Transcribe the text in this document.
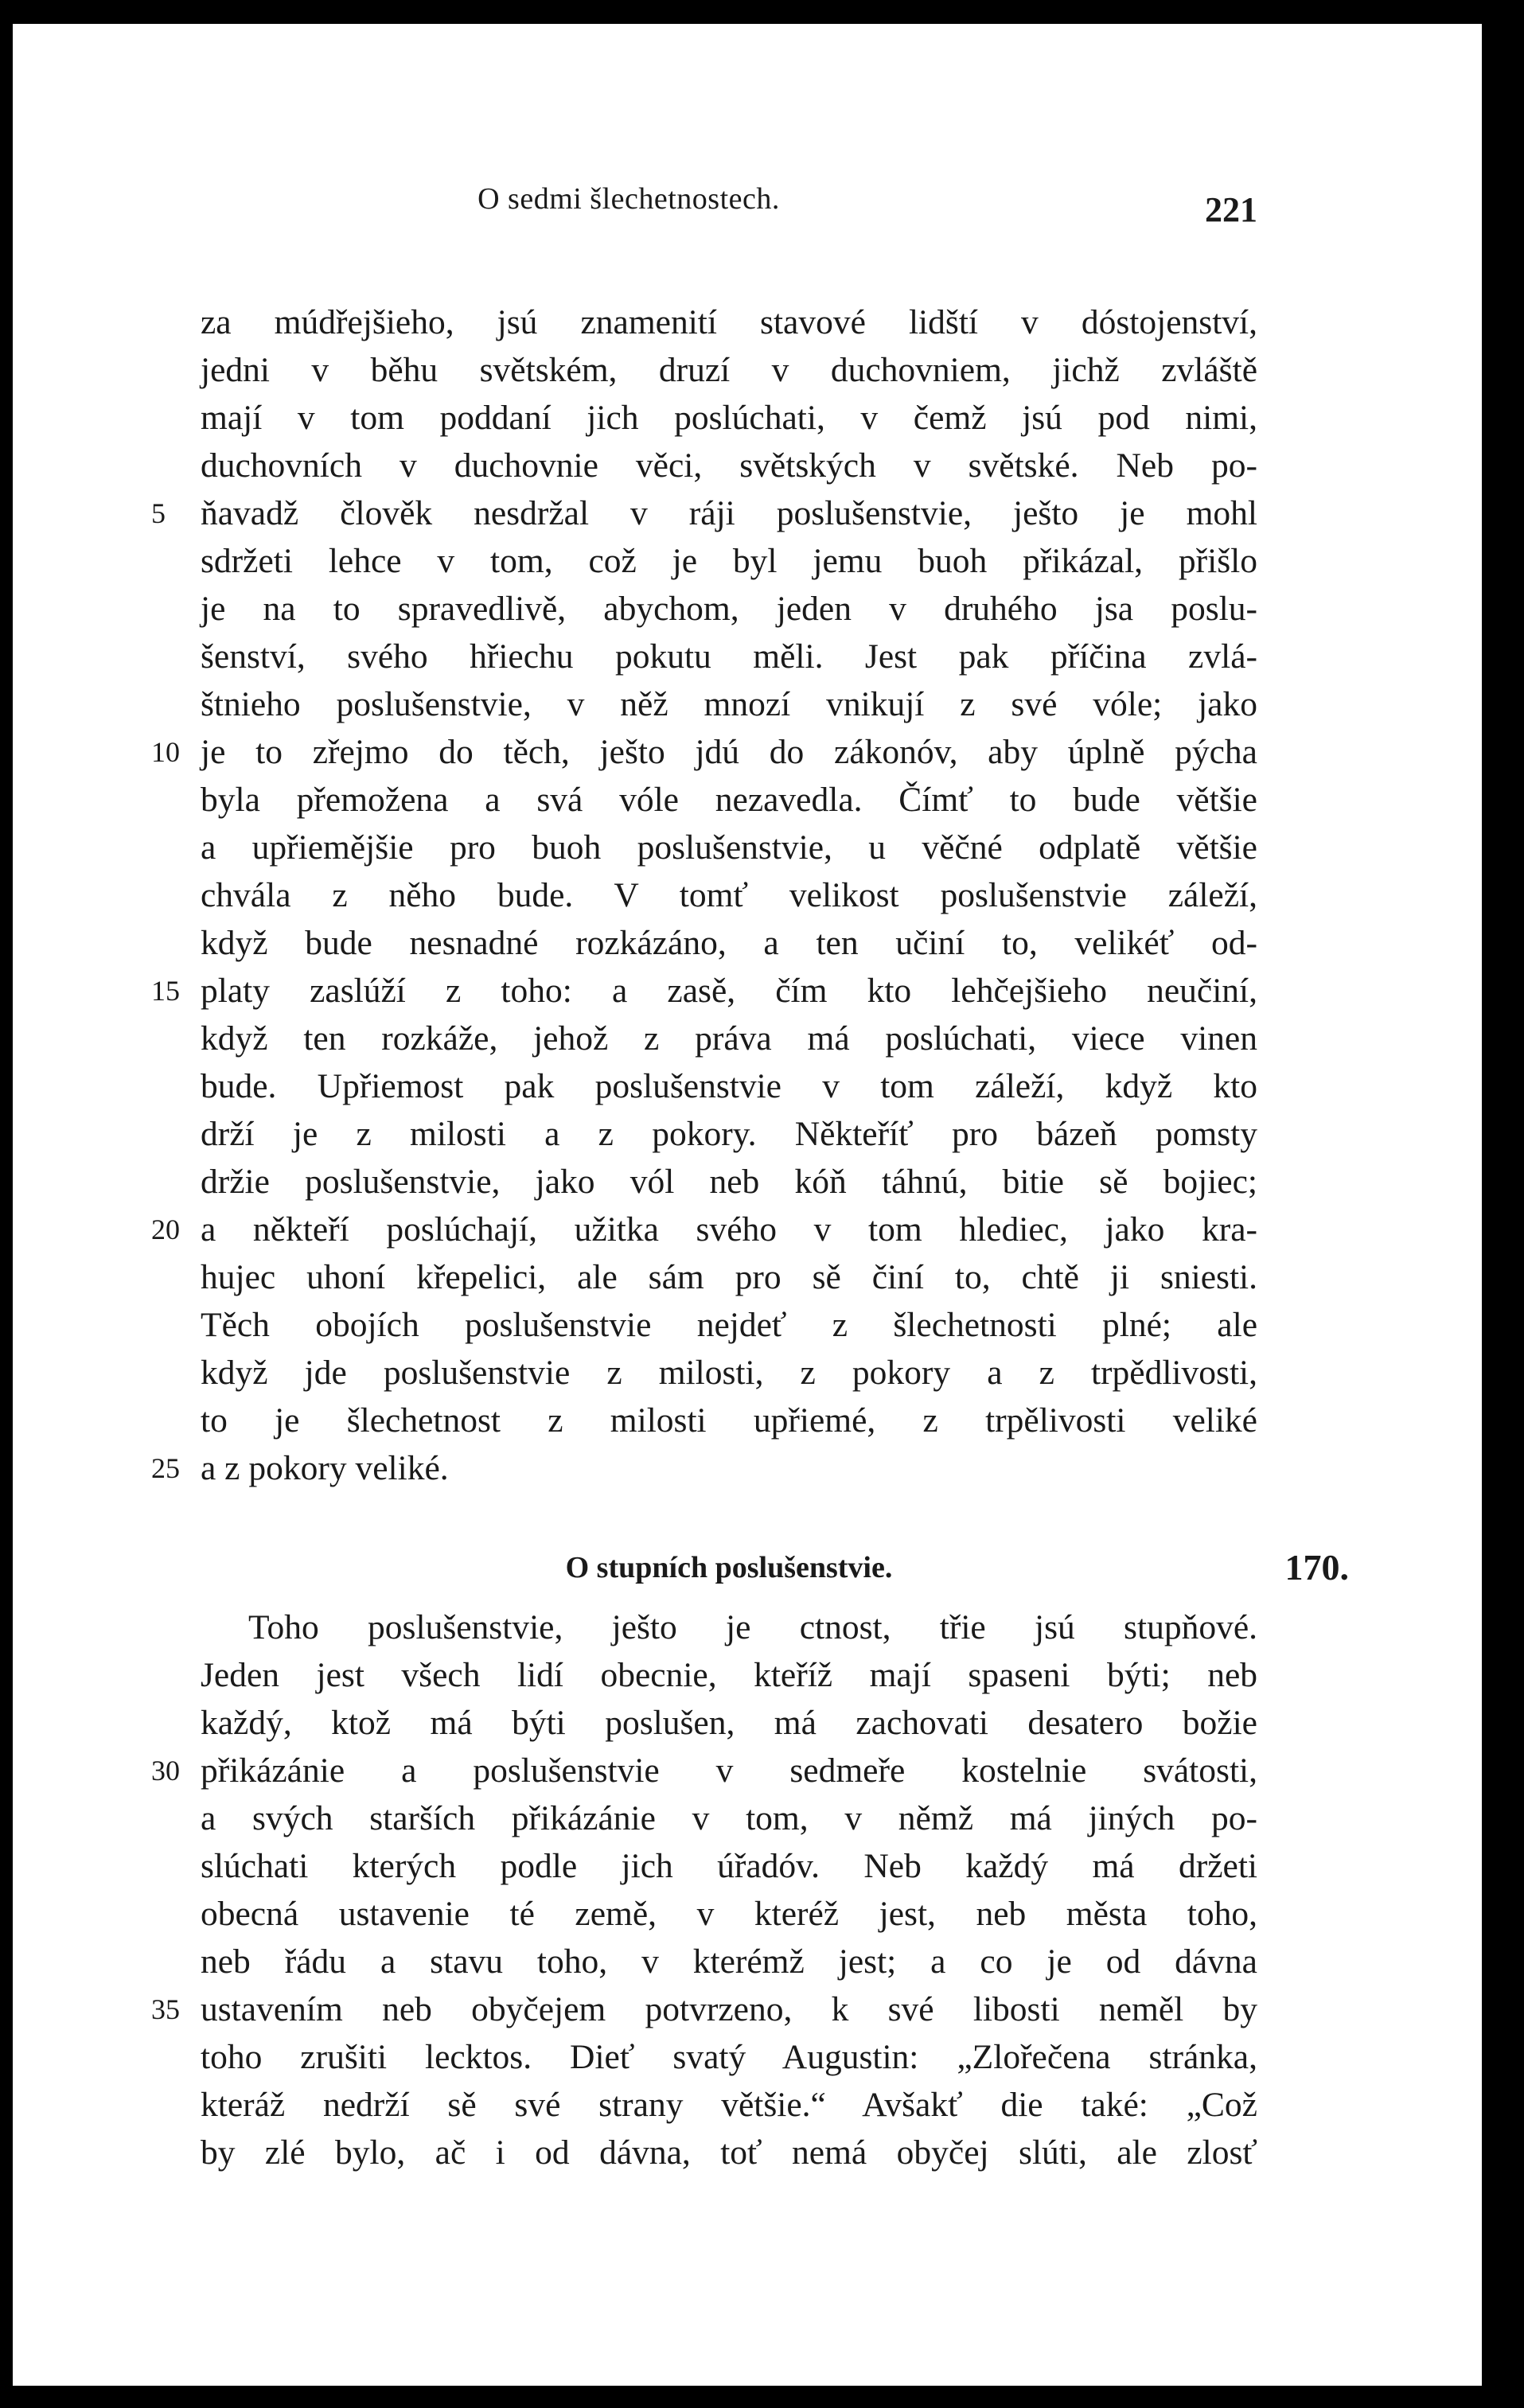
O sedmi šlechetnostech.	221
za múdřejšieho, jsú znamenití stavové lidští v dóstojenství,
jedni v běhu světském, druzí v duchovniem, jichž zvláště
mají v tom poddaní jich poslúchati, v čemž jsú pod nimi,
duchovních v duchovnie věci, světských v světské. Neb po-
5	ňavadž člověk nesdržal v ráji poslušenstvie, ješto je mohl
sdržeti lehce v tom, což je byl jemu buoh přikázal, přišlo
je na to spravedlivě, abychom, jeden v druhého jsa poslu-
šenství, svého hřiechu pokutu měli. Jest pak příčina zvlá-
štnieho poslušenstvie, v něž mnozí vnikují z své vóle; jako
10 je to zřejmo do těch, ješto jdú do zákonóv, aby úplně pýcha
byla přemožena a svá vóle nezavedla. Čímť to bude většie
a upřiemějšie pro buoh poslušenstvie, u věčné odplatě většie
chvála z něho bude. V tomť velikost poslušenstvie záleží,
když bude nesnadné rozkázáno, a ten učiní to, velikéť od-
15 platy zaslúží z toho: a zasě, čím kto lehčejšieho neučiní,
když ten rozkáže, jehož z práva má poslúchati, viece vinen
bude. Upřiemost pak poslušenstvie v tom záleží, když kto
drží je z milosti a z pokory. Někteříť pro bázeň pomsty
držie poslušenstvie, jako vól neb kóň táhnú, bitie sě bojiec;
20 a někteří poslúchají, užitka svého v tom hlediec, jako kra-
hujec uhoní křepelici, ale sám pro sě činí to, chtě ji sniesti.
Těch obojích poslušenstvie nejdeť z šlechetnosti plné; ale
když jde poslušenstvie z milosti, z pokory a z trpědlivosti,
to je šlechetnost z milosti upřiemé, z trpělivosti veliké
25 a z pokory veliké.
O stupních poslušenstvie.	170.
Toho poslušenstvie, ješto je ctnost, třie jsú stupňové.
Jeden jest všech lidí obecnie, kteříž mají spaseni býti; neb
každý, ktož má býti poslušen, má zachovati desatero božie
30 přikázánie a poslušenstvie v sedmeře kostelnie svátosti,
a svých starších přikázánie v tom, v němž má jiných po-
slúchati kterých podle jich úřadóv. Neb každý má držeti
obecná ustavenie té země, v kteréž jest, neb města toho,
neb řádu a stavu toho, v kterémž jest; a co je od dávna
35 ustavením neb obyčejem potvrzeno, k své libosti neměl by
toho zrušiti lecktos. Dieť svatý Augustin: „Zlořečena stránka,
kteráž nedrží sě své strany většie.“ Avšakť die také: „Což
by zlé bylo, ač i od dávna, toť nemá obyčej slúti, ale zlosť
